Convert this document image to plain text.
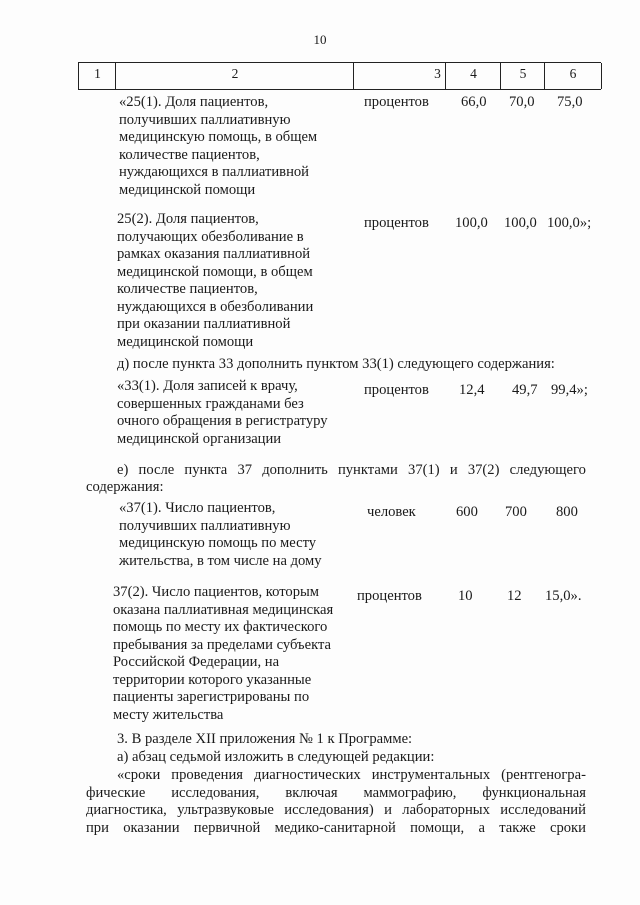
10
1	2	3	4	5	6
«25(1). Доля пациентов,
получивших паллиативную
медицинскую помощь, в общем
количестве пациентов,
нуждающихся в паллиативной
медицинской помощи
процентов 66,0 70,0 75,0
25(2). Доля пациентов,
получающих обезболивание в
рамках оказания паллиативной
медицинской помощи, в общем
количестве пациентов,
нуждающихся в обезболивании
при оказании паллиативной
медицинской помощи
процентов 100,0 100,0 100,0»;
д) после пункта 33 дополнить пунктом 33(1) следующего содержания:
«33(1). Доля записей к врачу,
совершенных гражданами без
очного обращения в регистратуру
медицинской организации
процентов 12,4 49,7 99,4»;
е) после пункта 37 дополнить пунктами 37(1) и 37(2) следующего
содержания:
«37(1). Число пациентов,
получивших паллиативную
медицинскую помощь по месту
жительства, в том числе на дому
человек	600 700 800
37(2). Число пациентов, которым
оказана паллиативная медицинская
помощь по месту их фактического
пребывания за пределами субъекта
Российской Федерации, на
территории которого указанные
пациенты зарегистрированы по
месту жительства
процентов 10 12 15,0».
3. В разделе XII приложения № 1 к Программе:
а) абзац седьмой изложить в следующей редакции:
«сроки проведения диагностических инструментальных (рентгеногра-
фические исследования, включая маммографию, функциональная
диагностика, ультразвуковые исследования) и лабораторных исследований
при оказании первичной медико-санитарной помощи, а также сроки
